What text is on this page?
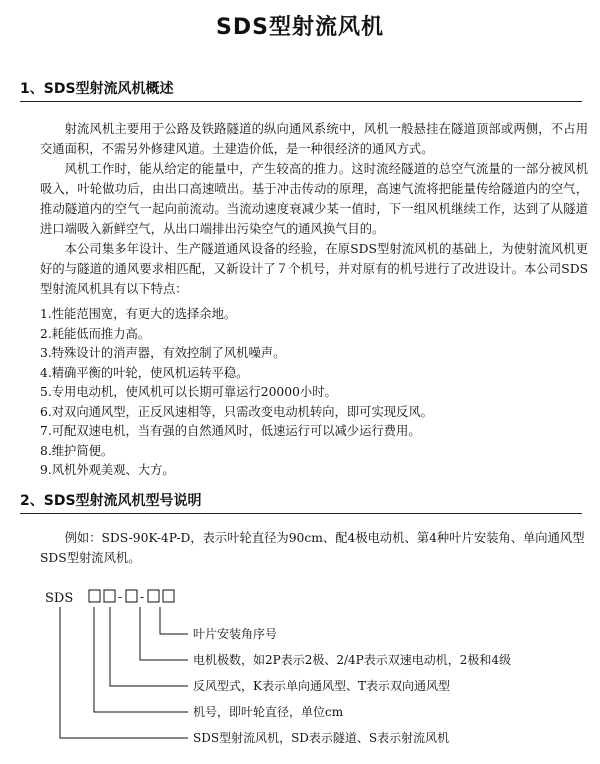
SDS型射流风机
1、SDS型射流风机概述

射流风机主要用于公路及铁路隧道的纵向通风系统中，风机一般悬挂在隧道顶部或两侧，不占用交通面积，不需另外修建风道。土建造价低，是一种很经济的通风方式。

风机工作时，能从给定的能量中，产生较高的推力。这时流经隧道的总空气流量的一部分被风机吸入，叶轮做功后，由出口高速喷出。基于冲击传动的原理，高速气流将把能量传给隧道内的空气，推动隧道内的空气一起向前流动。当流动速度衰减少某一值时，下一组风机继续工作，达到了从隧道进口端吸入新鲜空气，从出口端排出污染空气的通风换气目的。

本公司集多年设计、生产隧道通风设备的经验，在原SDS型射流风机的基础上，为使射流风机更好的与隧道的通风要求相匹配，又新设计了７个机号，并对原有的机号进行了改进设计。本公司SDS型射流风机具有以下特点：

1.性能范围宽，有更大的选择余地。
2.耗能低而推力高。
3.特殊设计的消声器，有效控制了风机噪声。
4.精确平衡的叶轮，使风机运转平稳。
5.专用电动机，使风机可以长期可靠运行20000小时。
6.对双向通风型，正反风速相等，只需改变电动机转向，即可实现反风。
7.可配双速电机，当有强的自然通风时，低速运行可以减少运行费用。
8.维护简便。
9.风机外观美观、大方。
2、SDS型射流风机型号说明

例如：SDS-90K-4P-D，表示叶轮直径为90cm、配4极电动机、第4种叶片安装角、单向通风型SDS型射流风机。

SDS	- -
叶片安装角序号
电机极数，如2P表示2极、2/4P表示双速电动机，2极和4级
反风型式，K表示单向通风型、T表示双向通风型
机号，即叶轮直径，单位cm
SDS型射流风机，SD表示隧道、S表示射流风机
